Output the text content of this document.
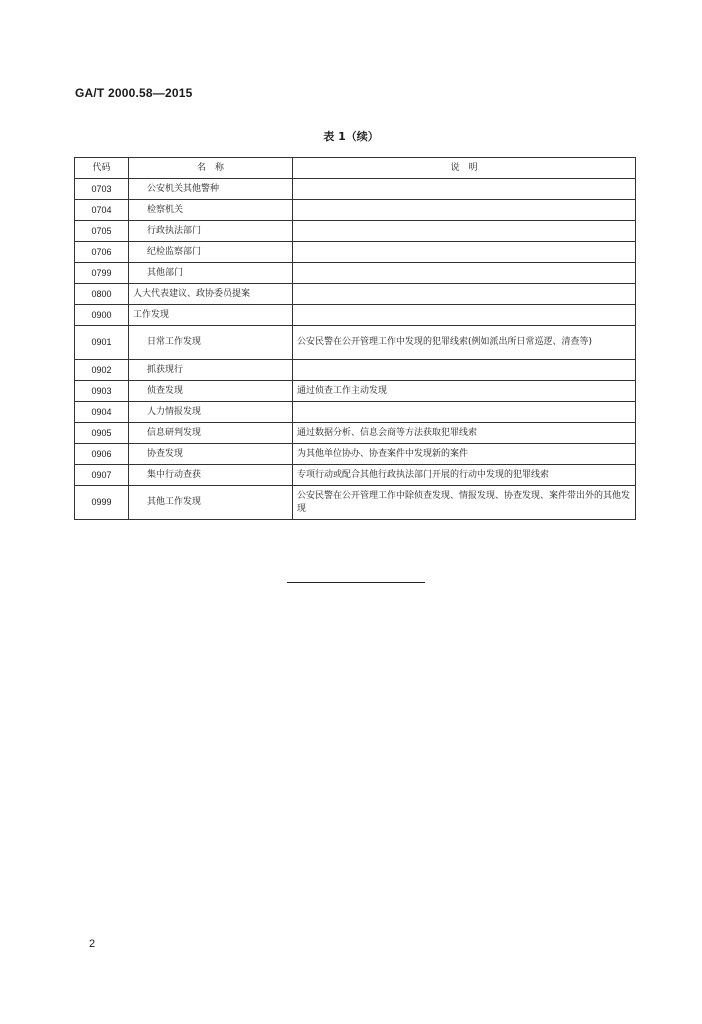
GA/T 2000.58—2015
表 1（续）
代码	名　称	说　明
0703	公安机关其他警种	
0704	检察机关	
0705	行政执法部门	
0706	纪检监察部门	
0799	其他部门	
0800	人大代表建议、政协委员提案	
0900	工作发现	
0901	日常工作发现	公安民警在公开管理工作中发现的犯罪线索(例如派出所日常巡逻、清查等)
0902	抓获现行	
0903	侦查发现	通过侦查工作主动发现
0904	人力情报发现	
0905	信息研判发现	通过数据分析、信息会商等方法获取犯罪线索
0906	协查发现	为其他单位协办、协查案件中发现新的案件
0907	集中行动查获	专项行动或配合其他行政执法部门开展的行动中发现的犯罪线索
0999	其他工作发现	公安民警在公开管理工作中除侦查发现、情报发现、协查发现、案件带出外的其他发现
2
